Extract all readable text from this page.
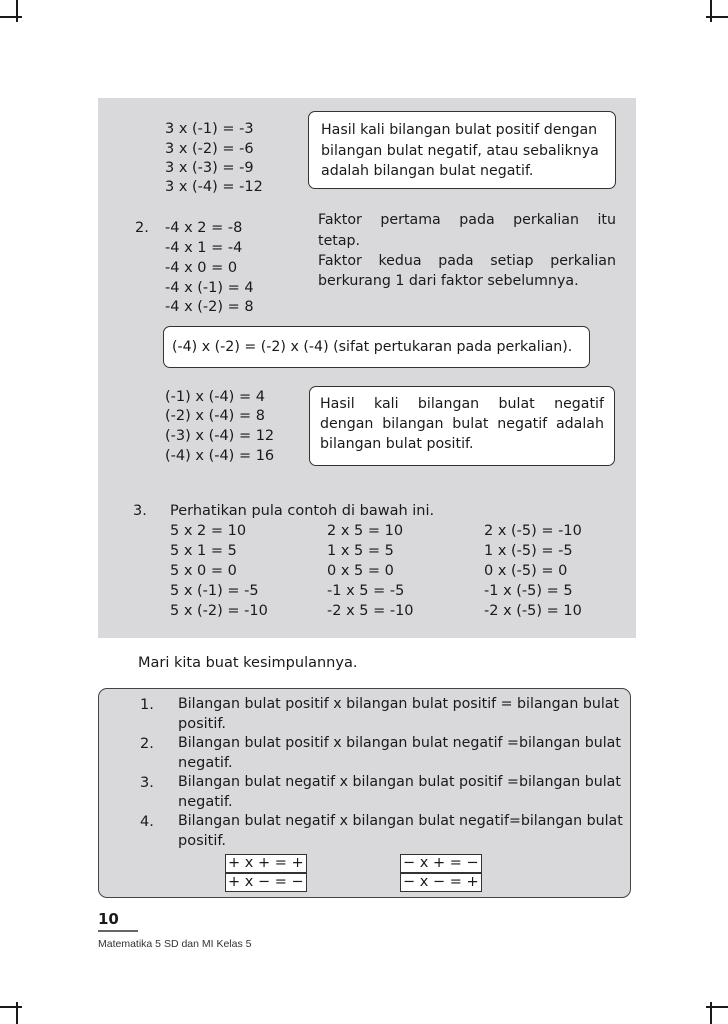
3 x (-1) = -3
3 x (-2) = -6
3 x (-3) = -9
3 x (-4) = -12
Hasil kali bilangan bulat positif dengan
bilangan bulat negatif, atau sebaliknya
adalah bilangan bulat negatif.
2. -4 x 2 = -8
-4 x 1 = -4
-4 x 0 = 0
-4 x (-1) = 4
-4 x (-2) = 8
Faktor pertama pada perkalian itu
tetap.
Faktor kedua pada setiap perkalian
berkurang 1 dari faktor sebelumnya.
(-4) x (-2) = (-2) x (-4) (sifat pertukaran pada perkalian).
(-1) x (-4) = 4
(-2) x (-4) = 8
(-3) x (-4) = 12
(-4) x (-4) = 16
Hasil kali bilangan bulat negatif
dengan bilangan bulat negatif adalah
bilangan bulat positif.
3. Perhatikan pula contoh di bawah ini.
5 x 2 = 10
5 x 1 = 5
5 x 0 = 0
5 x (-1) = -5
5 x (-2) = -10
2 x 5 = 10
1 x 5 = 5
0 x 5 = 0
-1 x 5 = -5
-2 x 5 = -10
2 x (-5) = -10
1 x (-5) = -5
0 x (-5) = 0
-1 x (-5) = 5
-2 x (-5) = 10
Mari kita buat kesimpulannya.
1. Bilangan bulat positif x bilangan bulat positif = bilangan bulat
positif.
2. Bilangan bulat positif x bilangan bulat negatif =bilangan bulat
negatif.
3. Bilangan bulat negatif x bilangan bulat positif =bilangan bulat
negatif.
4. Bilangan bulat negatif x bilangan bulat negatif=bilangan bulat
positif.
+ x + = +
+ x − = −
− x + = −
− x − = +
10
Matematika 5 SD dan MI Kelas 5
